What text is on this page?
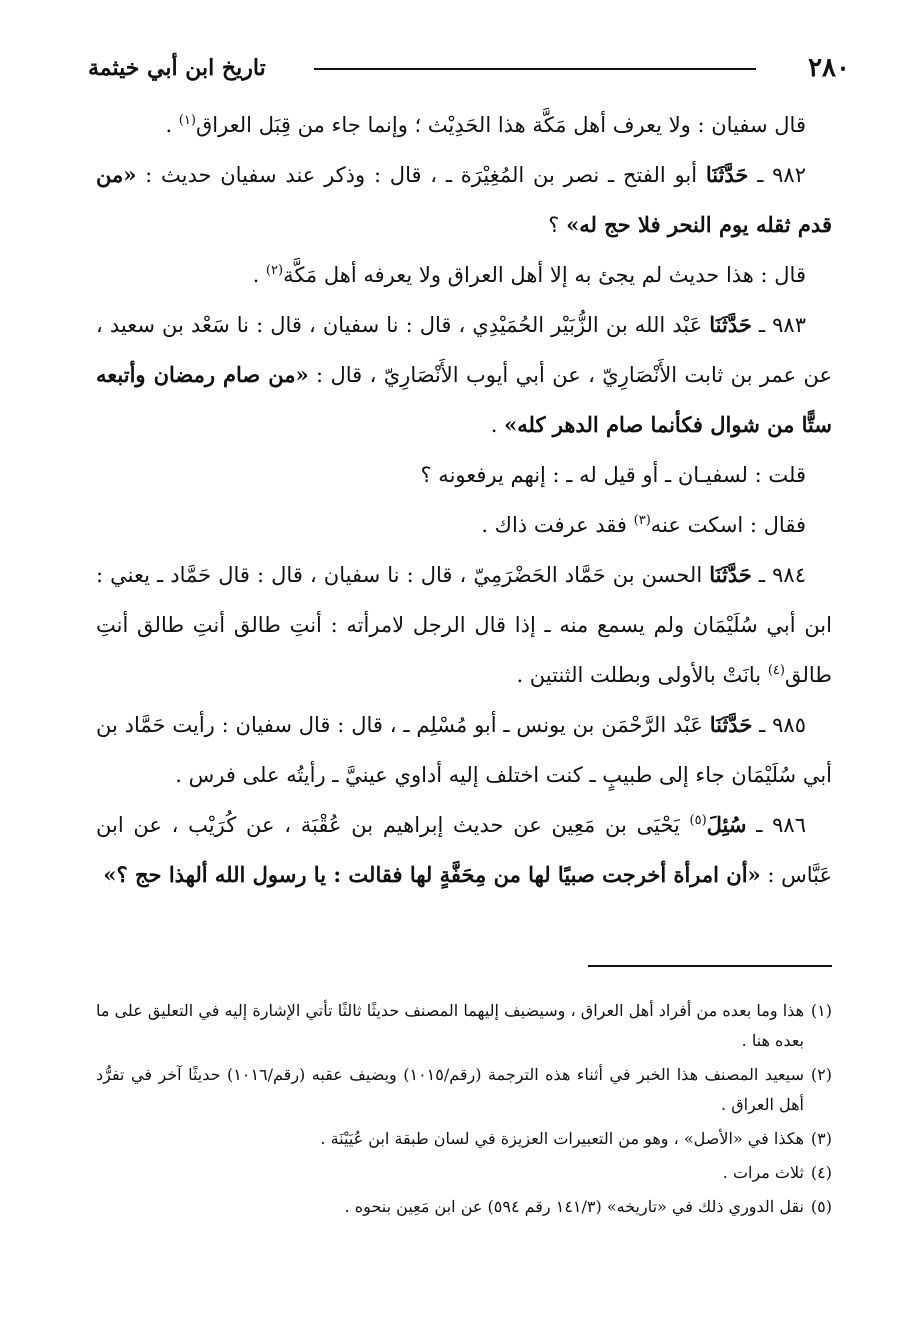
٢٨٠
تاريخ ابن أبي خيثمة

قال سفيان : ولا يعرف أهل مَكَّة هذا الحَدِيْث ؛ وإنما جاء من قِبَل العراق$^{(١)}$ .

٩٨٢ ـ حَدَّثَنَا أبو الفتح ـ نصر بن المُغِيْرَة ـ ، قال : وذكر عند سفيان حديث : «من قدم ثقله يوم النحر فلا حج له» ؟

قال : هذا حديث لم يجئ به إلا أهل العراق ولا يعرفه أهل مَكَّة$^{(٢)}$ .

٩٨٣ ـ حَدَّثَنَا عَبْد الله بن الزُّبَيْر الحُمَيْدِي ، قال : نا سفيان ، قال : نا سَعْد بن سعيد ، عن عمر بن ثابت الأَنْصَارِيّ ، عن أبي أيوب الأَنْصَارِيّ ، قال : «من صام رمضان وأتبعه ستًّا من شوال فكأنما صام الدهر كله» .

قلت : لسفيـان ـ أو قيل له ـ : إنهم يرفعونه ؟

فقال : اسكت عنه$^{(٣)}$ فقد عرفت ذاك .

٩٨٤ ـ حَدَّثَنَا الحسن بن حَمَّاد الحَضْرَمِيّ ، قال : نا سفيان ، قال : قال حَمَّاد ـ يعني : ابن أبي سُلَيْمَان ولم يسمع منه ـ إذا قال الرجل لامرأته : أنتِ طالق أنتِ طالق أنتِ طالق$^{(٤)}$ بانَتْ بالأولى وبطلت الثنتين .

٩٨٥ ـ حَدَّثَنَا عَبْد الرَّحْمَن بن يونس ـ أبو مُسْلِم ـ ، قال : قال سفيان : رأيت حَمَّاد بن أبي سُلَيْمَان جاء إلى طبيبٍ ـ كنت اختلف إليه أداوي عينيَّ ـ رأيتُه على فرس .

٩٨٦ ـ سُئِلَ$^{(٥)}$ يَحْيَى بن مَعِين عن حديث إبراهيم بن عُقْبَة ، عن كُرَيْب ، عن ابن عَبَّاس : «أن امرأة أخرجت صبيًا لها من مِحَفَّةٍ لها فقالت : يا رسول الله ألهذا حج ؟»

(١)هذا وما بعده من أفراد أهل العراق ، وسيضيف إليهما المصنف حديثًا ثالثًا تأتي الإشارة إليه في التعليق على ما بعده هنا .

(٢)سيعيد المصنف هذا الخبر في أثناء هذه الترجمة (رقم/١٠١٥) ويضيف عقبه (رقم/١٠١٦) حديثًا آخر في تفرُّد أهل العراق .

(٣)هكذا في «الأصل» ، وهو من التعبيرات العزيزة في لسان طبقة ابن عُيَيْنَة .

(٤)ثلاث مرات .

(٥)نقل الدوري ذلك في «تاريخه» (١٤١/٣ رقم ٥٩٤) عن ابن مَعِين بنحوه .
